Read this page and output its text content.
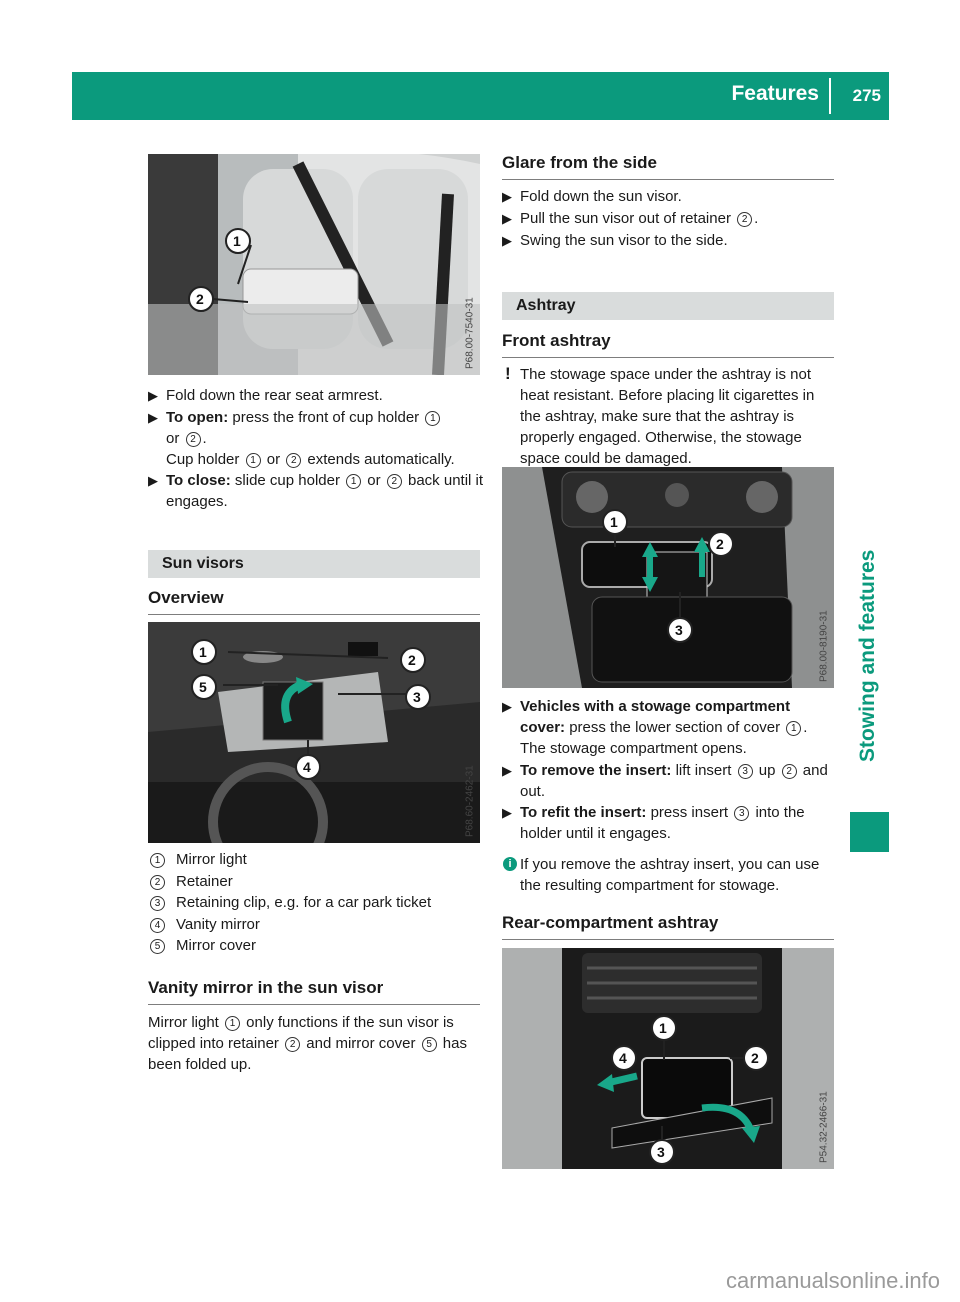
Features 275
Stowing and features
1
2	P68.00-7540-31
▶ Fold down the rear seat armrest.
▶ To open: press the front of cup holder 1
or 2 .
Cup holder 1 or 2 extends automatically.
▶ To close: slide cup holder 1 or 2 back until it engages.
Sun visors
Overview
1	2
3
4
5
P68.60-2462-31
1	Mirror light
2	Retainer
3	Retaining clip, e.g. for a car park ticket
4	Vanity mirror
5	Mirror cover
Vanity mirror in the sun visor
Mirror light 1 only functions if the sun visor is clipped into retainer 2 and mirror cover 5 has been folded up.
Glare from the side
▶ Fold down the sun visor.
▶ Pull the sun visor out of retainer 2 .
▶ Swing the sun visor to the side.
Ashtray
Front ashtray
! The stowage space under the ashtray is not heat resistant. Before placing lit cigarettes in the ashtray, make sure that the ashtray is properly engaged. Otherwise, the stowage space could be damaged.
1
2
3	P68.00-8190-31
▶ Vehicles with a stowage compartment cover: press the lower section of cover 1 .
The stowage compartment opens.
▶ To remove the insert: lift insert 3 up 2 and out.
▶ To refit the insert: press insert 3 into the holder until it engages.
i If you remove the ashtray insert, you can use the resulting compartment for stowage.
Rear-compartment ashtray
1
2
3
4
P54.32-2466-31
carmanualsonline.info
